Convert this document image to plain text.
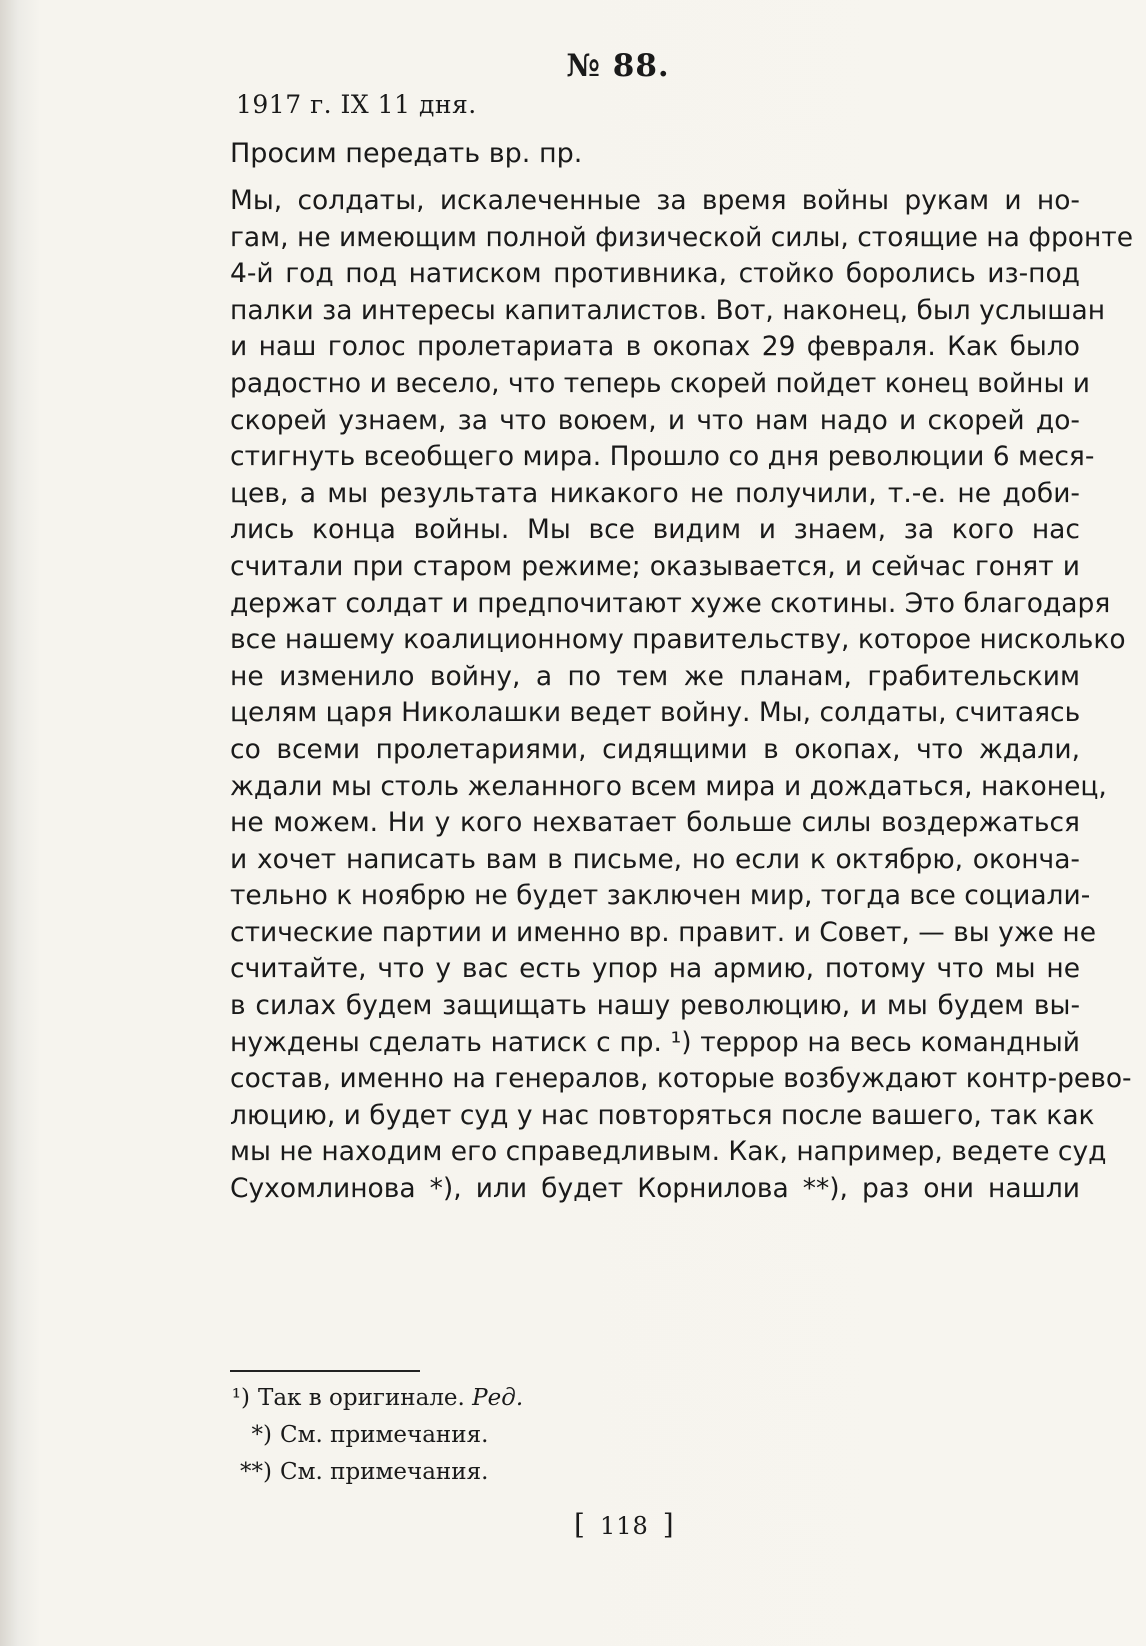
№ 88.
1917 г. IX 11 дня.
Просим передать вр. пр.
Мы, солдаты, искалеченные за время войны рукам и но-
гам, не имеющим полной физической силы, стоящие на фронте
4-й год под натиском противника, стойко боролись из-под
палки за интересы капиталистов. Вот, наконец, был услышан
и наш голос пролетариата в окопах 29 февраля. Как было
радостно и весело, что теперь скорей пойдет конец войны и
скорей узнаем, за что воюем, и что нам надо и скорей до-
стигнуть всеобщего мира. Прошло со дня революции 6 меся-
цев, а мы результата никакого не получили, т.-е. не доби-
лись конца войны. Мы все видим и знаем, за кого нас
считали при старом режиме; оказывается, и сейчас гонят и
держат солдат и предпочитают хуже скотины. Это благодаря
все нашему коалиционному правительству, которое нисколько
не изменило войну, а по тем же планам, грабительским
целям царя Николашки ведет войну. Мы, солдаты, считаясь
со всеми пролетариями, сидящими в окопах, что ждали,
ждали мы столь желанного всем мира и дождаться, наконец,
не можем. Ни у кого нехватает больше силы воздержаться
и хочет написать вам в письме, но если к октябрю, оконча-
тельно к ноябрю не будет заключен мир, тогда все социали-
стические партии и именно вр. правит. и Совет, — вы уже не
считайте, что у вас есть упор на армию, потому что мы не
в силах будем защищать нашу революцию, и мы будем вы-
нуждены сделать натиск с пр. ¹) террор на весь командный
состав, именно на генералов, которые возбуждают контр-рево-
люцию, и будет суд у нас повторяться после вашего, так как
мы не находим его справедливым. Как, например, ведете суд
Сухомлинова *), или будет Корнилова **), раз они нашли
¹) Так в оригинале. Ред.
*) См. примечания.
**) См. примечания.
[ 118 ]
